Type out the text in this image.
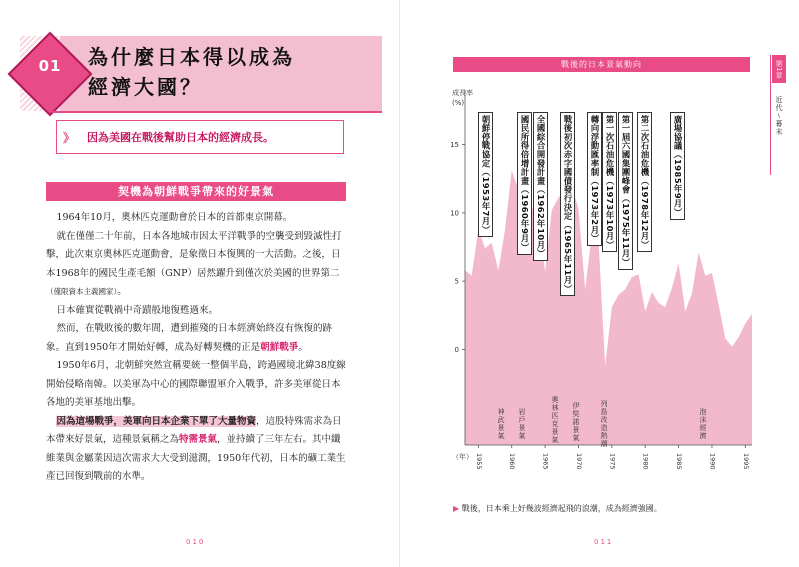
01	為什麼日本得以成為
經濟大國？
》 因為美國在戰後幫助日本的經濟成長。
契機為朝鮮戰爭帶來的好景氣

1964年10月，奧林匹克運動會於日本的首都東京開幕。

就在僅僅二十年前，日本各地城市因太平洋戰爭的空襲受到毀滅性打擊，此次東京奧林匹克運動會，是象徵日本復興的一大活動。之後，日本1968年的國民生產毛額（GNP）居然躍升到僅次於美國的世界第二（僅限資本主義國家）。

日本確實從戰禍中奇蹟般地復甦過來。

然而，在戰敗後的數年間，遭到摧殘的日本經濟始終沒有恢復的跡象。直到1950年才開始好轉，成為好轉契機的正是朝鮮戰爭。

1950年6月，北朝鮮突然宣稱要統一整個半島，跨過國境北緯38度線開始侵略南韓。以美軍為中心的國際聯盟軍介入戰爭，許多美軍從日本各地的美軍基地出擊。

因為這場戰爭，美軍向日本企業下單了大量物資，這股特殊需求為日本帶來好景氣，這種景氣稱之為特需景氣，並持續了三年左右。其中纖維業與金屬業因這次需求大大受到滋潤，1950年代初，日本的礦工業生產已回復到戰前的水準。

010
戰後的日本景氣動向
成長率
(%)
0
5
10
15	朝鮮停戰協定（1953年7月）	國民所得倍增計畫（1960年9月） 全國綜合開發計畫（1962年10月）	戰後初次赤字國債發行決定（1965年11月）	轉向浮動匯率制（1973年2月） 第一次石油危機（1973年10月） 第一屆六國集團峰會（1975年11月）	第二次石油危機（1978年12月）	廣場協議（1985年9月）
神武景氣 岩戶景氣	奧林匹克景氣 伊奘諾景氣	列島改造熱潮	泡沫經濟
（年） 1955	1960	1965	1970	1975	1980	1985	1990	1995
▶ 戰後，日本乘上好幾波經濟起飛的浪潮，成為經濟強國。
第1章
近代～幕末
011
